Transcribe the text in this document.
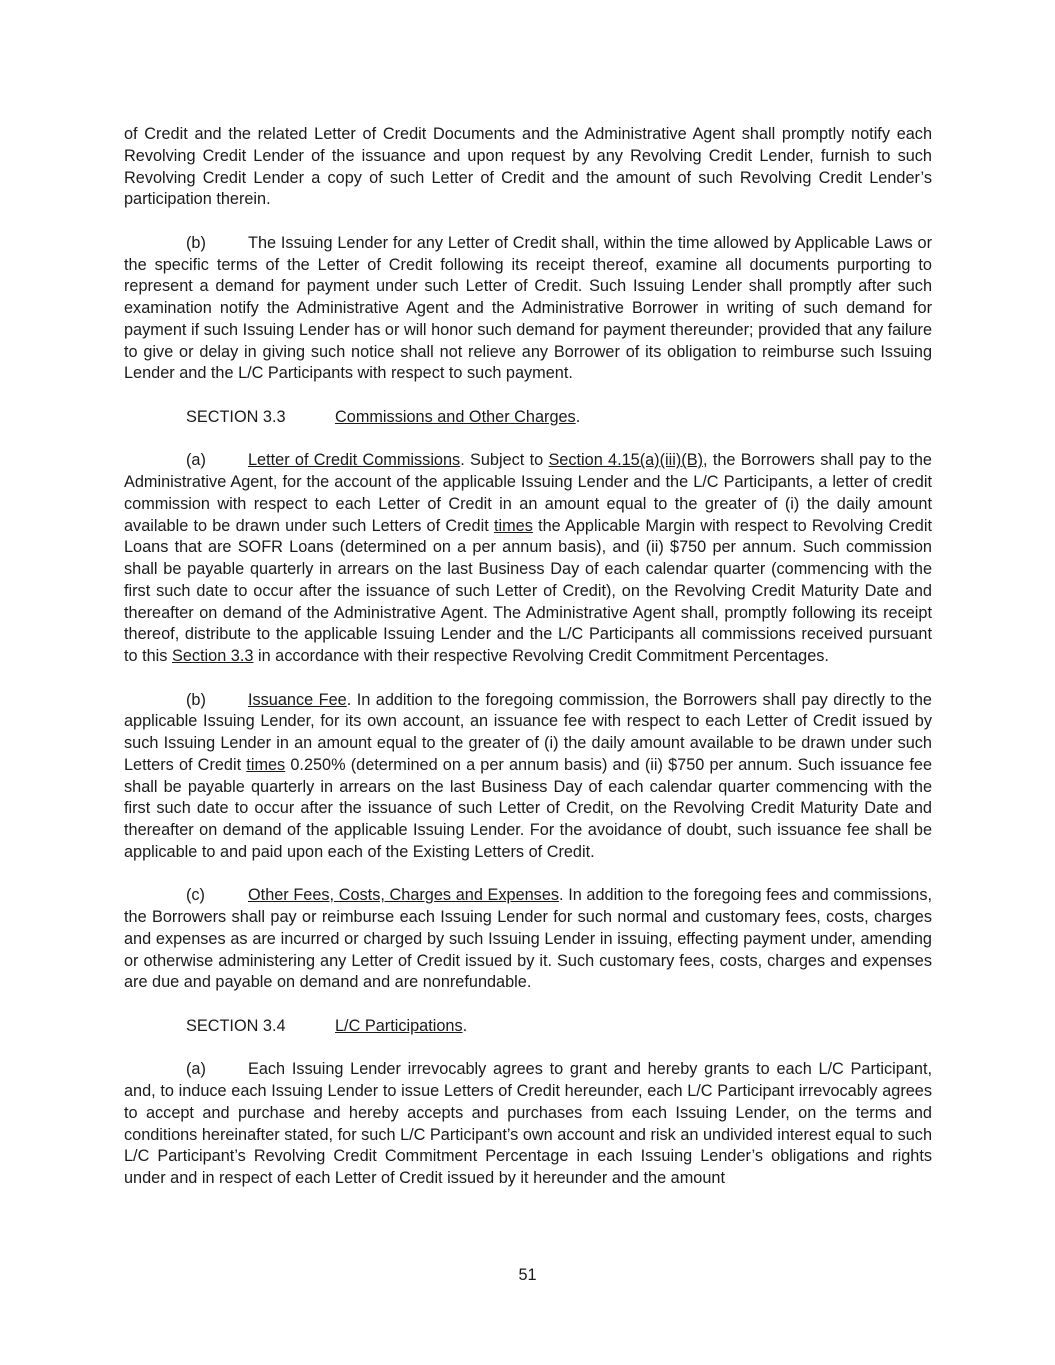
of Credit and the related Letter of Credit Documents and the Administrative Agent shall promptly notify each Revolving Credit Lender of the issuance and upon request by any Revolving Credit Lender, furnish to such Revolving Credit Lender a copy of such Letter of Credit and the amount of such Revolving Credit Lender’s participation therein.

(b)	The Issuing Lender for any Letter of Credit shall, within the time allowed by Applicable Laws or the specific terms of the Letter of Credit following its receipt thereof, examine all documents purporting to represent a demand for payment under such Letter of Credit. Such Issuing Lender shall promptly after such examination notify the Administrative Agent and the Administrative Borrower in writing of such demand for payment if such Issuing Lender has or will honor such demand for payment thereunder; provided that any failure to give or delay in giving such notice shall not relieve any Borrower of its obligation to reimburse such Issuing Lender and the L/C Participants with respect to such payment.

SECTION 3.3	Commissions and Other Charges.

(a)	Letter of Credit Commissions. Subject to Section 4.15(a)(iii)(B), the Borrowers shall pay to the Administrative Agent, for the account of the applicable Issuing Lender and the L/C Participants, a letter of credit commission with respect to each Letter of Credit in an amount equal to the greater of (i) the daily amount available to be drawn under such Letters of Credit times the Applicable Margin with respect to Revolving Credit Loans that are SOFR Loans (determined on a per annum basis), and (ii) $750 per annum. Such commission shall be payable quarterly in arrears on the last Business Day of each calendar quarter (commencing with the first such date to occur after the issuance of such Letter of Credit), on the Revolving Credit Maturity Date and thereafter on demand of the Administrative Agent. The Administrative Agent shall, promptly following its receipt thereof, distribute to the applicable Issuing Lender and the L/C Participants all commissions received pursuant to this Section 3.3 in accordance with their respective Revolving Credit Commitment Percentages.

(b)	Issuance Fee. In addition to the foregoing commission, the Borrowers shall pay directly to the applicable Issuing Lender, for its own account, an issuance fee with respect to each Letter of Credit issued by such Issuing Lender in an amount equal to the greater of (i) the daily amount available to be drawn under such Letters of Credit times 0.250% (determined on a per annum basis) and (ii) $750 per annum. Such issuance fee shall be payable quarterly in arrears on the last Business Day of each calendar quarter commencing with the first such date to occur after the issuance of such Letter of Credit, on the Revolving Credit Maturity Date and thereafter on demand of the applicable Issuing Lender. For the avoidance of doubt, such issuance fee shall be applicable to and paid upon each of the Existing Letters of Credit.

(c)	Other Fees, Costs, Charges and Expenses. In addition to the foregoing fees and commissions, the Borrowers shall pay or reimburse each Issuing Lender for such normal and customary fees, costs, charges and expenses as are incurred or charged by such Issuing Lender in issuing, effecting payment under, amending or otherwise administering any Letter of Credit issued by it. Such customary fees, costs, charges and expenses are due and payable on demand and are nonrefundable.

SECTION 3.4	L/C Participations.

(a)	Each Issuing Lender irrevocably agrees to grant and hereby grants to each L/C Participant, and, to induce each Issuing Lender to issue Letters of Credit hereunder, each L/C Participant irrevocably agrees to accept and purchase and hereby accepts and purchases from each Issuing Lender, on the terms and conditions hereinafter stated, for such L/C Participant’s own account and risk an undivided interest equal to such L/C Participant’s Revolving Credit Commitment Percentage in each Issuing Lender’s obligations and rights under and in respect of each Letter of Credit issued by it hereunder and the amount

51
